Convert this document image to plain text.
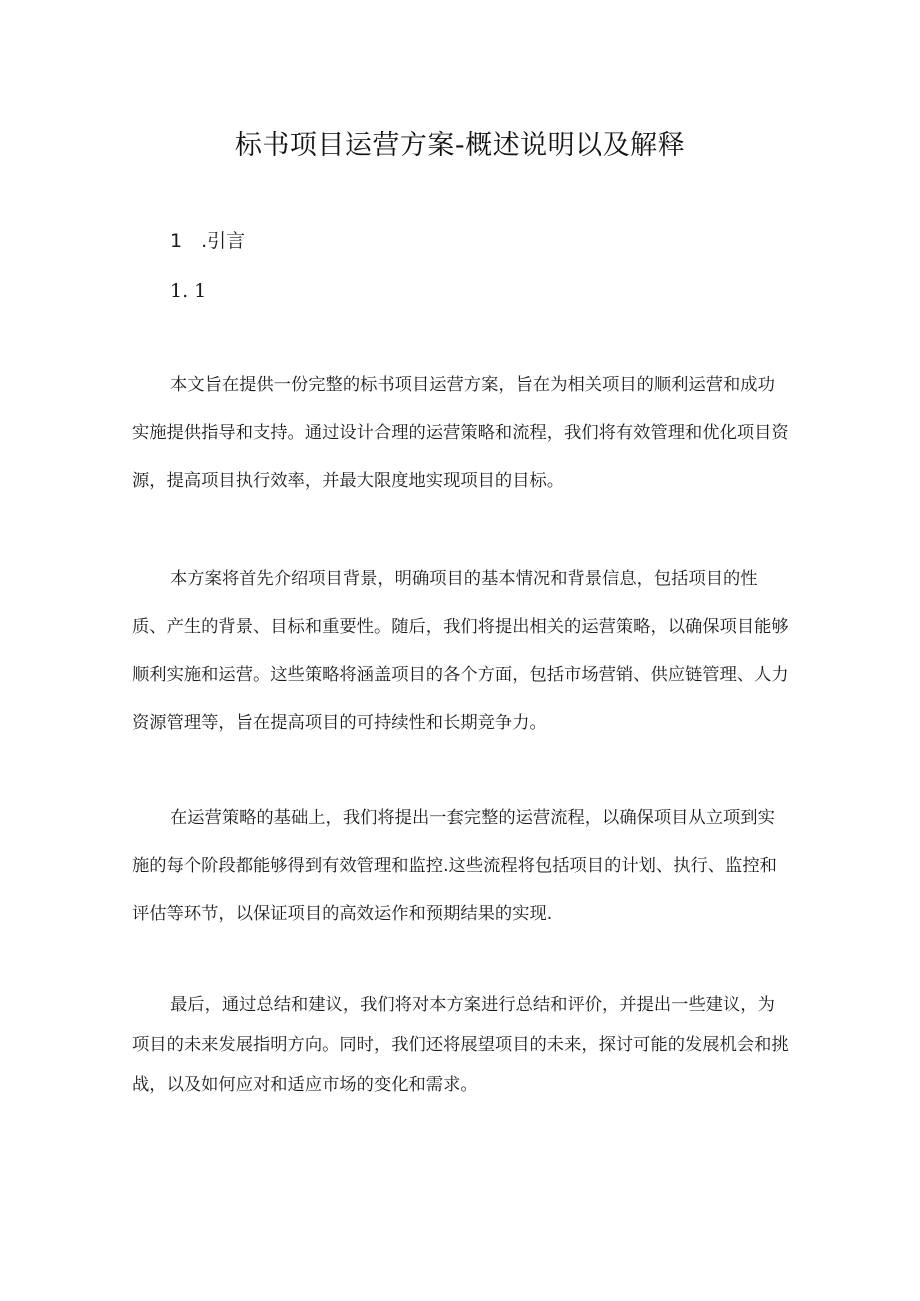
标书项目运营方案-概述说明以及解释
1　.引言
1. 1

本文旨在提供一份完整的标书项目运营方案，旨在为相关项目的顺利运营和成功实施提供指导和支持。通过设计合理的运营策略和流程，我们将有效管理和优化项目资源，提高项目执行效率，并最大限度地实现项目的目标。

本方案将首先介绍项目背景，明确项目的基本情况和背景信息，包括项目的性质、产生的背景、目标和重要性。随后，我们将提出相关的运营策略，以确保项目能够顺利实施和运营。这些策略将涵盖项目的各个方面，包括市场营销、供应链管理、人力资源管理等，旨在提高项目的可持续性和长期竞争力。

在运营策略的基础上，我们将提出一套完整的运营流程，以确保项目从立项到实施的每个阶段都能够得到有效管理和监控.这些流程将包括项目的计划、执行、监控和评估等环节，以保证项目的高效运作和预期结果的实现.

最后，通过总结和建议，我们将对本方案进行总结和评价，并提出一些建议，为项目的未来发展指明方向。同时，我们还将展望项目的未来，探讨可能的发展机会和挑战，以及如何应对和适应市场的变化和需求。
